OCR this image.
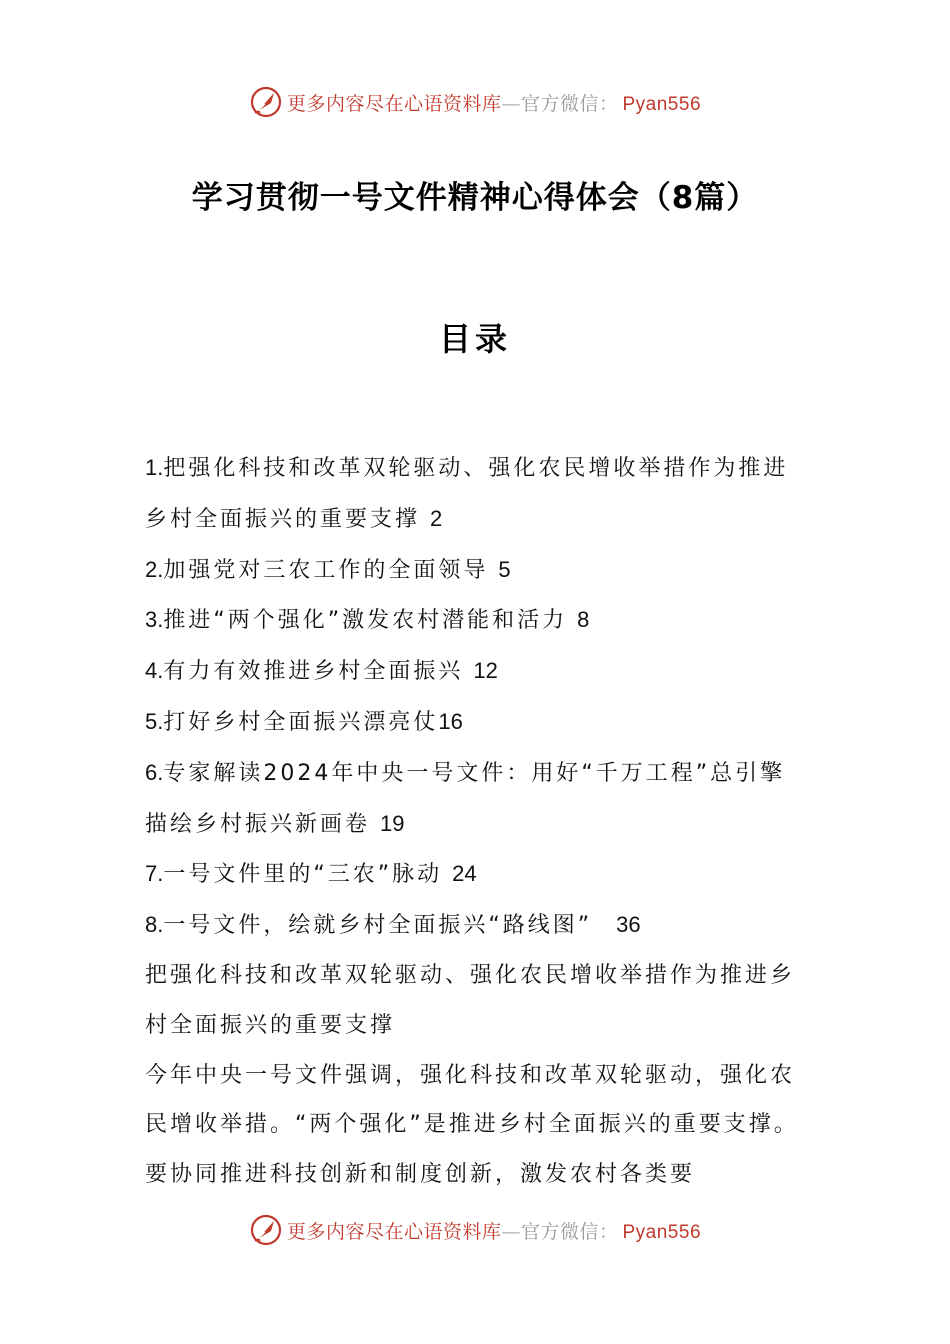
更多内容尽在心语资料库—官方微信： Pyan556
学习贯彻一号文件精神心得体会（8篇）
目录

1.把强化科技和改革双轮驱动、强化农民增收举措作为推进乡村全面振兴的重要支撑 2

2.加强党对三农工作的全面领导 5

3.推进“两个强化”激发农村潜能和活力 8

4.有力有效推进乡村全面振兴 12

5.打好乡村全面振兴漂亮仗16

6.专家解读2024年中央一号文件：用好“千万工程”总引擎描绘乡村振兴新画卷 19

7.一号文件里的“三农”脉动 24

8.一号文件，绘就乡村全面振兴“路线图” 36

把强化科技和改革双轮驱动、强化农民增收举措作为推进乡村全面振兴的重要支撑

今年中央一号文件强调，强化科技和改革双轮驱动，强化农民增收举措。“两个强化”是推进乡村全面振兴的重要支撑。要协同推进科技创新和制度创新，激发农村各类要

更多内容尽在心语资料库—官方微信： Pyan556
